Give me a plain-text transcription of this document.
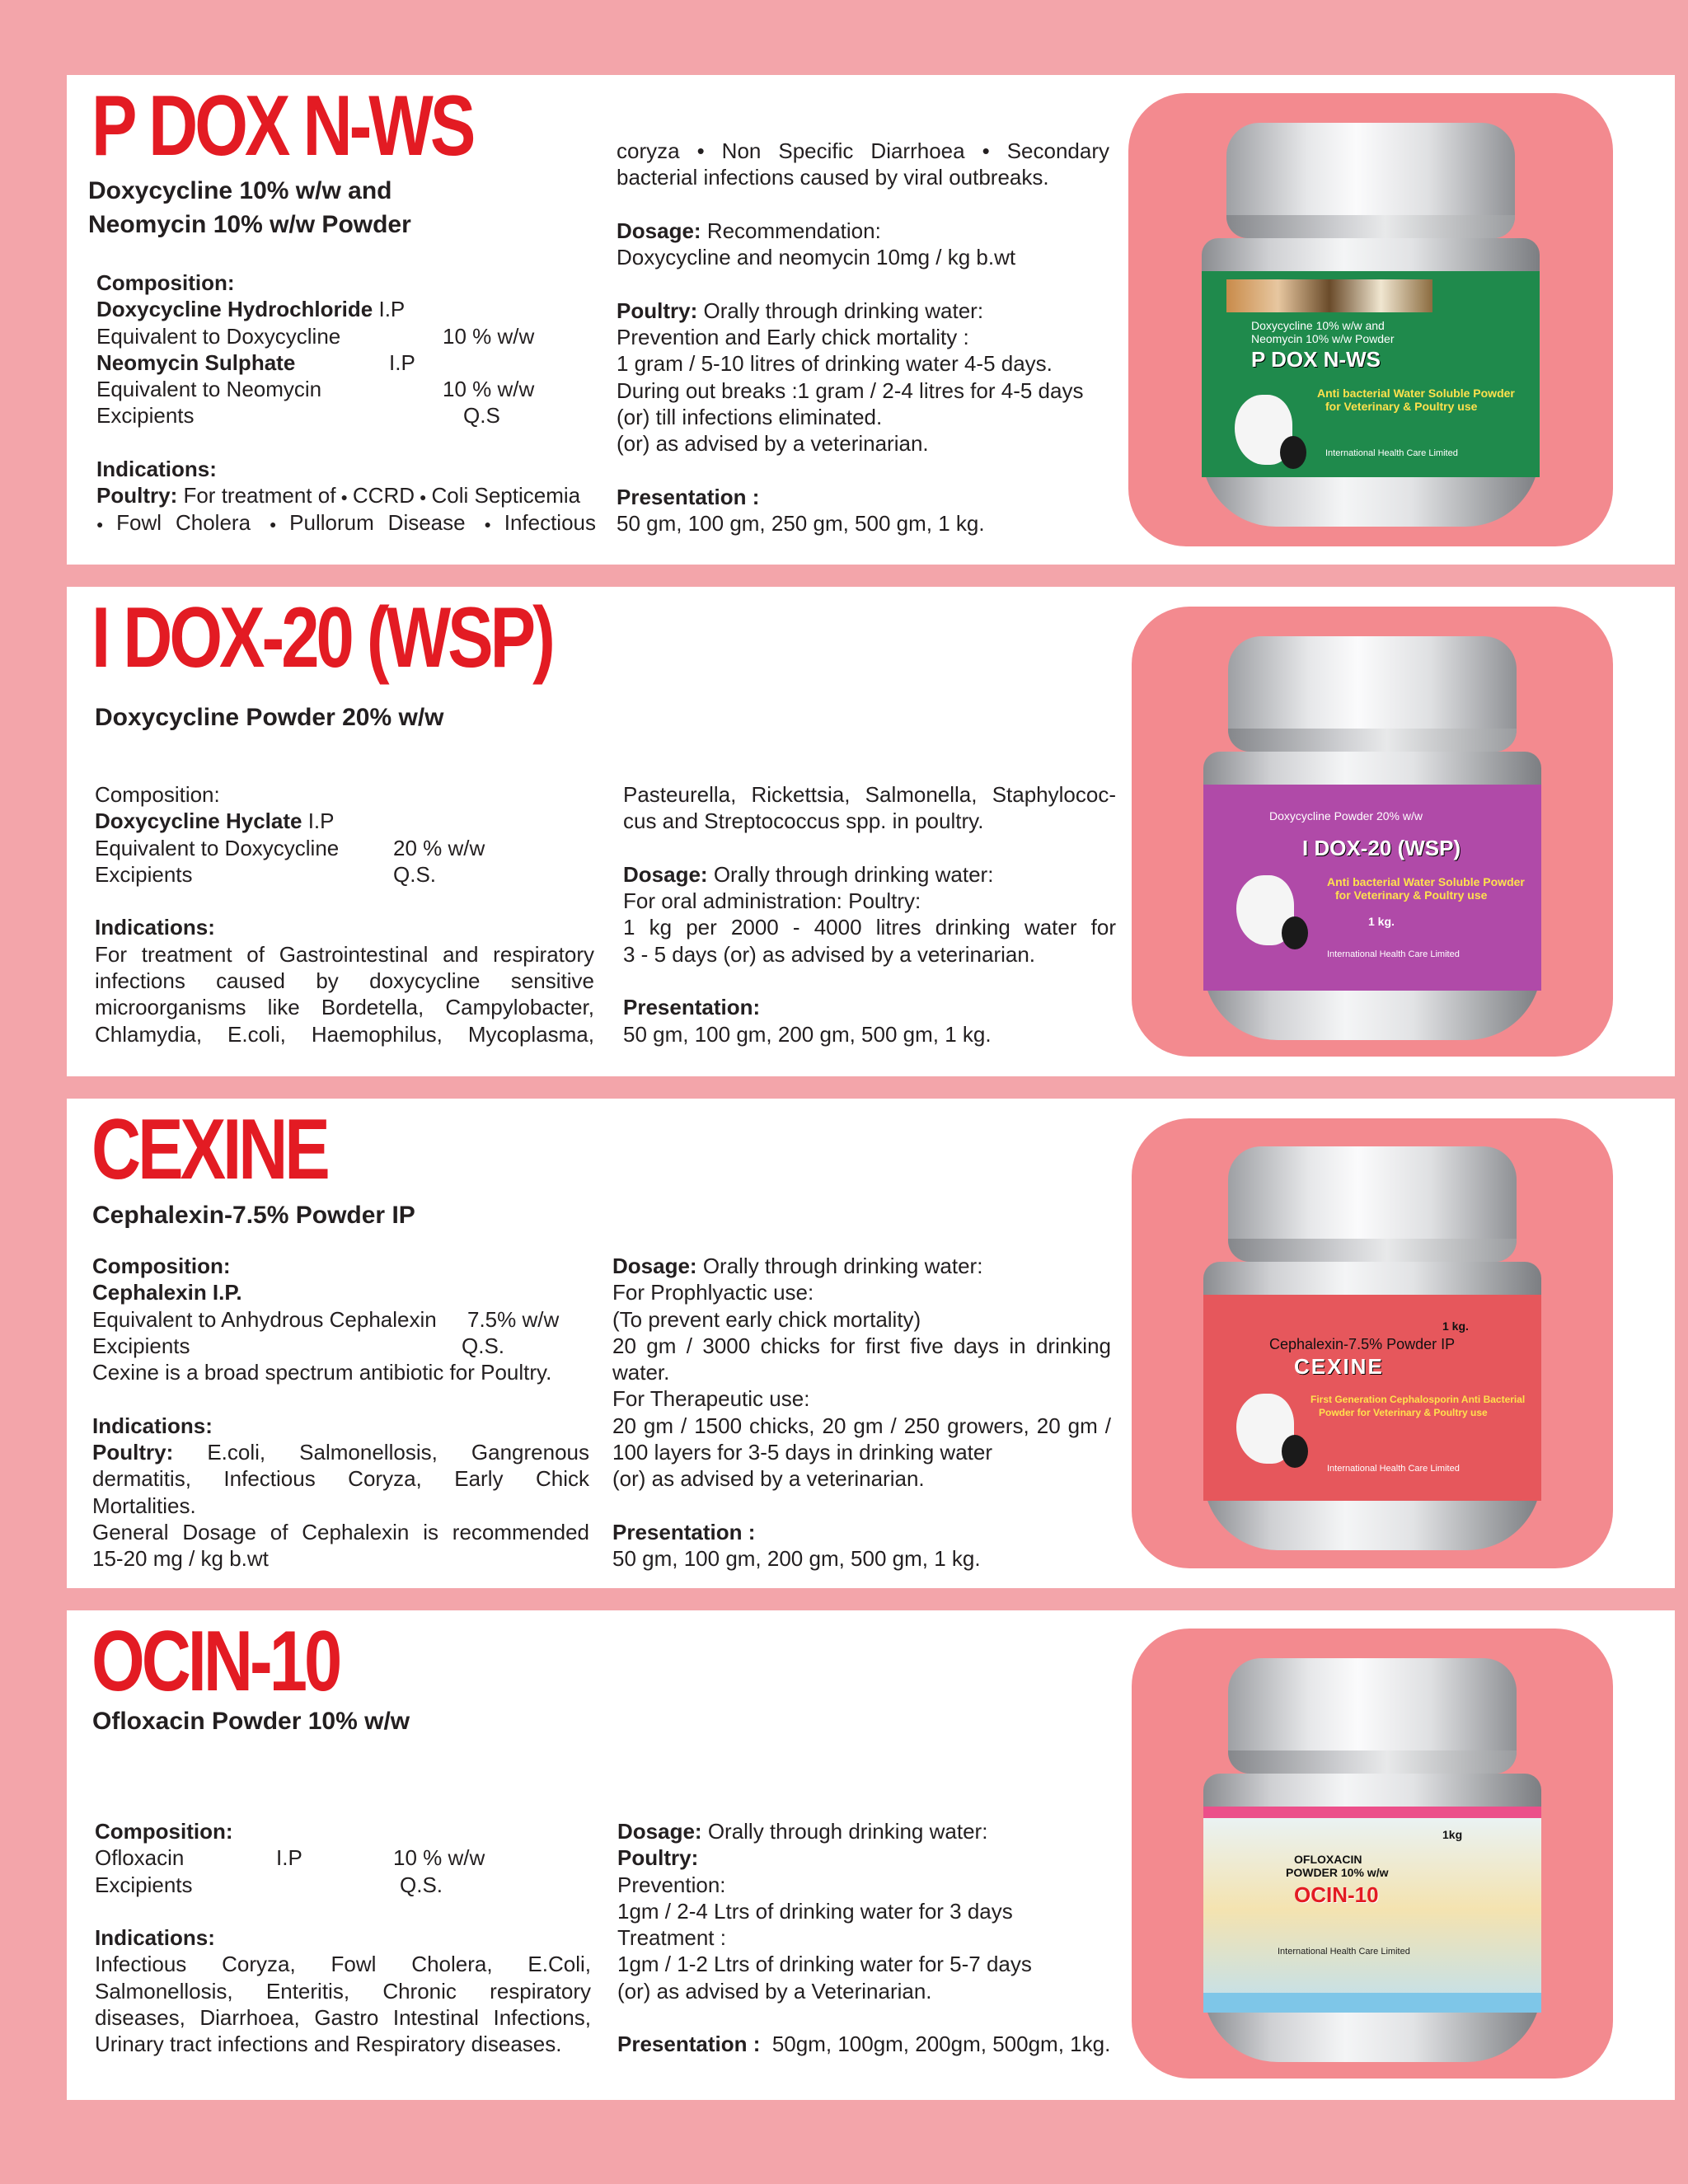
P DOX N-WS
Doxycycline 10% w/w and
Neomycin 10% w/w Powder
Composition:
Doxycycline Hydrochloride I.P
Equivalent to Doxycycline	10 % w/w
Neomycin Sulphate	I.P
Equivalent to Neomycin	10 % w/w
Excipients	Q.S
Indications:
Poultry: For treatment of ● CCRD ● Coli Septicemia
● Fowl Cholera ● Pullorum Disease ● Infectious
coryza • Non Specific Diarrhoea • Secondary
bacterial infections caused by viral outbreaks.
Dosage: Recommendation:
Doxycycline and neomycin 10mg / kg b.wt
Poultry: Orally through drinking water:
Prevention and Early chick mortality :
1 gram / 5-10 litres of drinking water 4-5 days.
During out breaks :1 gram / 2-4 litres for 4-5 days
(or) till infections eliminated.
(or) as advised by a veterinarian.
Presentation :
50 gm, 100 gm, 250 gm, 500 gm, 1 kg.
Doxycycline 10% w/w and
Neomycin 10% w/w Powder
P DOX N-WS
Anti bacterial Water Soluble Powder
for Veterinary & Poultry use
International Health Care Limited
I DOX-20 (WSP)
Doxycycline Powder 20% w/w
Composition:
Doxycycline Hyclate I.P
Equivalent to Doxycycline	20 % w/w
Excipients	Q.S.
Indications:
For treatment of Gastrointestinal and respiratory
infections caused by doxycycline sensitive
microorganisms like Bordetella, Campylobacter,
Chlamydia, E.coli, Haemophilus, Mycoplasma,
Pasteurella, Rickettsia, Salmonella, Staphylococ-
cus and Streptococcus spp. in poultry.
Dosage: Orally through drinking water:
For oral administration: Poultry:
1 kg per 2000 - 4000 litres drinking water for
3 - 5 days (or) as advised by a veterinarian.
Presentation:
50 gm, 100 gm, 200 gm, 500 gm, 1 kg.
Doxycycline Powder 20% w/w
I DOX-20 (WSP)
Anti bacterial Water Soluble Powder
for Veterinary & Poultry use
1 kg.
International Health Care Limited
CEXINE
Cephalexin-7.5% Powder IP
Composition:
Cephalexin I.P.
Equivalent to Anhydrous Cephalexin 7.5% w/w
Excipients	Q.S.
Cexine is a broad spectrum antibiotic for Poultry.
Indications:
Poultry: E.coli, Salmonellosis, Gangrenous
dermatitis, Infectious Coryza, Early Chick
Mortalities.
General Dosage of Cephalexin is recommended
15-20 mg / kg b.wt
Dosage: Orally through drinking water:
For Prophlyactic use:
(To prevent early chick mortality)
20 gm / 3000 chicks for first five days in drinking
water.
For Therapeutic use:
20 gm / 1500 chicks, 20 gm / 250 growers, 20 gm /
100 layers for 3-5 days in drinking water
(or) as advised by a veterinarian.
Presentation :
50 gm, 100 gm, 200 gm, 500 gm, 1 kg.
1 kg.
Cephalexin-7.5% Powder IP
CEXINE
First Generation Cephalosporin Anti Bacterial
Powder for Veterinary & Poultry use
International Health Care Limited
OCIN-10
Ofloxacin Powder 10% w/w
Composition:
Ofloxacin	I.P	10 % w/w
Excipients	Q.S.
Indications:
Infectious Coryza, Fowl Cholera, E.Coli,
Salmonellosis, Enteritis, Chronic respiratory
diseases, Diarrhoea, Gastro Intestinal Infections,
Urinary tract infections and Respiratory diseases.
Dosage: Orally through drinking water:
Poultry:
Prevention:
1gm / 2-4 Ltrs of drinking water for 3 days
Treatment :
1gm / 1-2 Ltrs of drinking water for 5-7 days
(or) as advised by a Veterinarian.
Presentation : 50gm, 100gm, 200gm, 500gm, 1kg.
1kg
OFLOXACIN
POWDER 10% w/w
OCIN-10
International Health Care Limited
